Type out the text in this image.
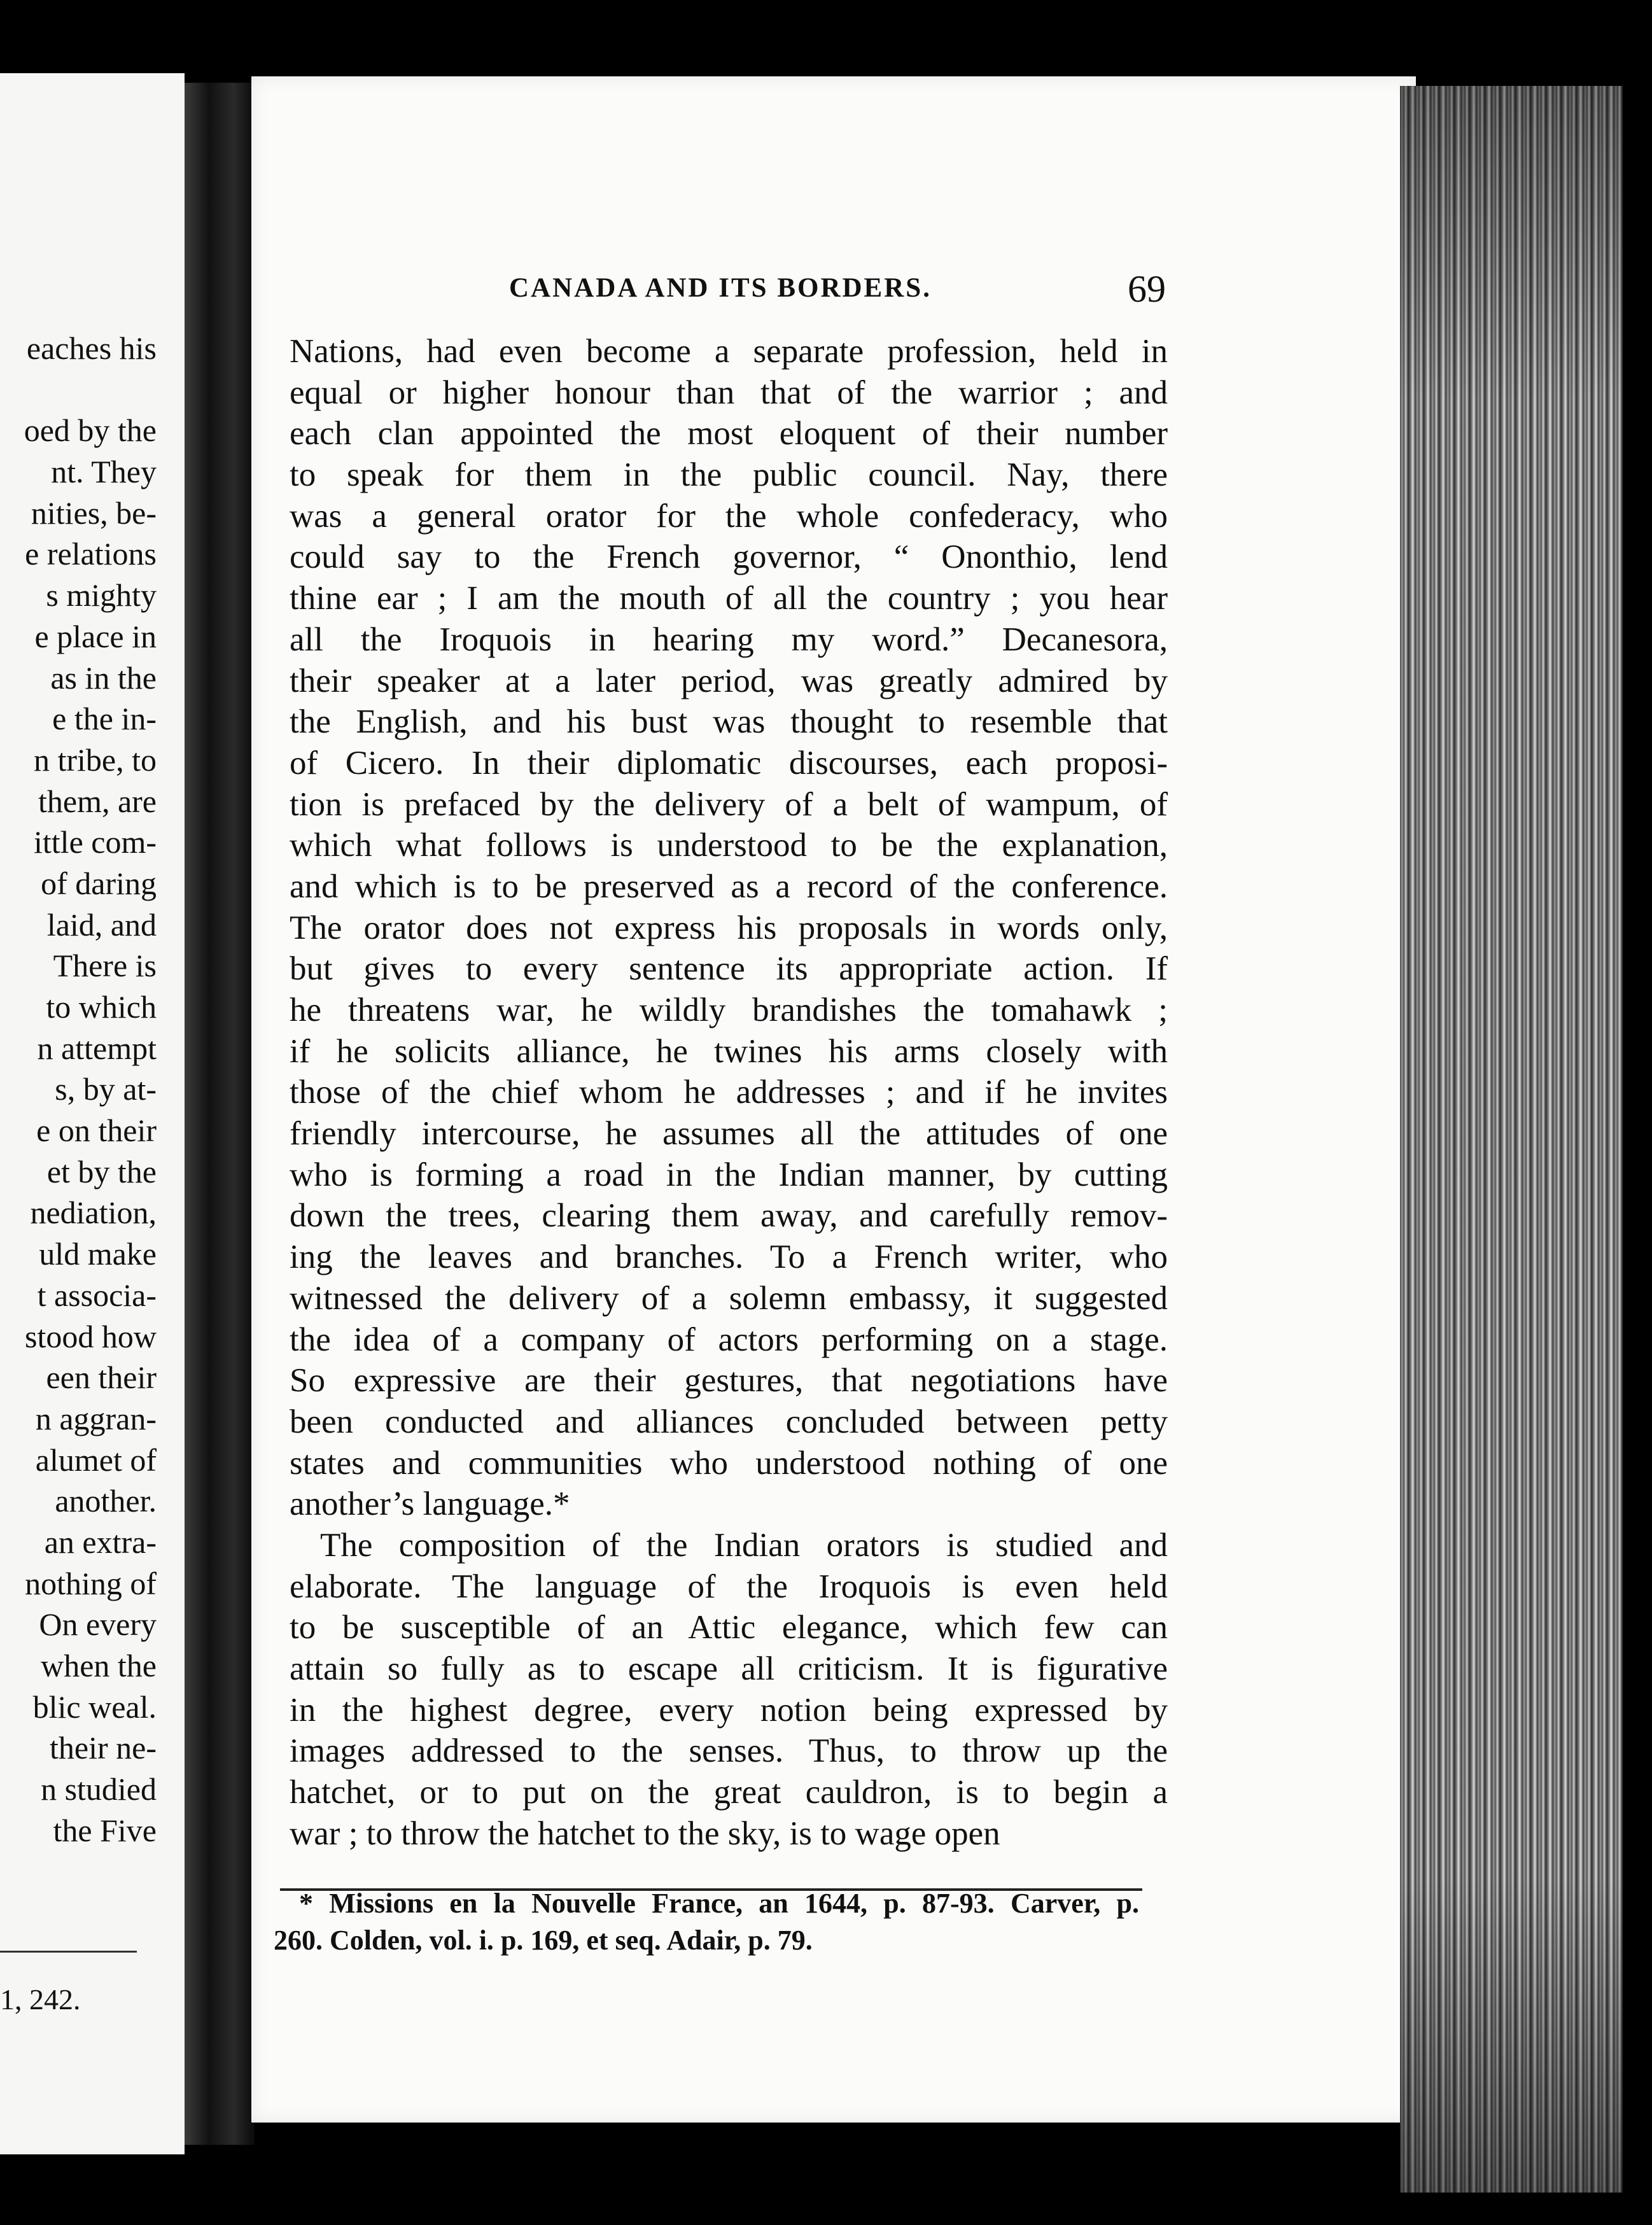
eaches his
oed by the
nt. They
nities, be-
e relations
s mighty
e place in
as in the
e the in-
n tribe, to
them, are
ittle com-
of daring
laid, and
There is
to which
n attempt
s, by at-
e on their
et by the
nediation,
uld make
t associa-
stood how
een their
n aggran-
alumet of
another.
an extra-
nothing of
On every
when the
blic weal.
their ne-
n studied
the Five
1, 242.
CANADA AND ITS BORDERS.	69
Nations, had even become a separate profession, held in
equal or higher honour than that of the warrior ; and
each clan appointed the most eloquent of their number
to speak for them in the public council. Nay, there
was a general orator for the whole confederacy, who
could say to the French governor, “ Ononthio, lend
thine ear ; I am the mouth of all the country ; you hear
all the Iroquois in hearing my word.” Decanesora,
their speaker at a later period, was greatly admired by
the English, and his bust was thought to resemble that
of Cicero. In their diplomatic discourses, each proposi-
tion is prefaced by the delivery of a belt of wampum, of
which what follows is understood to be the explanation,
and which is to be preserved as a record of the conference.
The orator does not express his proposals in words only,
but gives to every sentence its appropriate action. If
he threatens war, he wildly brandishes the tomahawk ;
if he solicits alliance, he twines his arms closely with
those of the chief whom he addresses ; and if he invites
friendly intercourse, he assumes all the attitudes of one
who is forming a road in the Indian manner, by cutting
down the trees, clearing them away, and carefully remov-
ing the leaves and branches. To a French writer, who
witnessed the delivery of a solemn embassy, it suggested
the idea of a company of actors performing on a stage.
So expressive are their gestures, that negotiations have
been conducted and alliances concluded between petty
states and communities who understood nothing of one
another’s language.*
The composition of the Indian orators is studied and
elaborate. The language of the Iroquois is even held
to be susceptible of an Attic elegance, which few can
attain so fully as to escape all criticism. It is figurative
in the highest degree, every notion being expressed by
images addressed to the senses. Thus, to throw up the
hatchet, or to put on the great cauldron, is to begin a
war ; to throw the hatchet to the sky, is to wage open
* Missions en la Nouvelle France, an 1644, p. 87-93. Carver, p.
260. Colden, vol. i. p. 169, et seq. Adair, p. 79.
